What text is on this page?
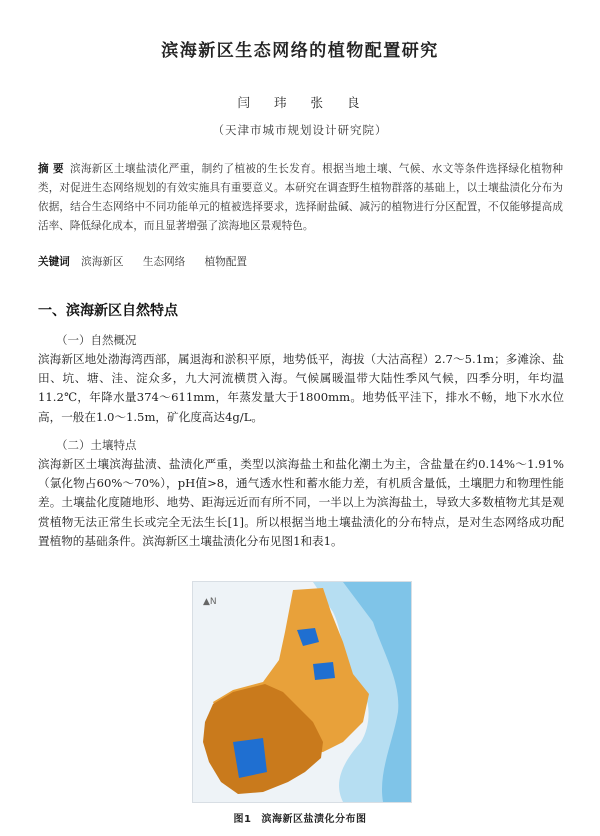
滨海新区生态网络的植物配置研究
闫 玮 张 良
（天津市城市规划设计研究院）
摘 要 滨海新区土壤盐渍化严重，制约了植被的生长发育。根据当地土壤、气候、水文等条件选择绿化植物种类，对促进生态网络规划的有效实施具有重要意义。本研究在调查野生植物群落的基础上，以土壤盐渍化分布为依据，结合生态网络中不同功能单元的植被选择要求，选择耐盐碱、减污的植物进行分区配置，不仅能够提高成活率、降低绿化成本，而且显著增强了滨海地区景观特色。
关键词 滨海新区 生态网络 植物配置
一、滨海新区自然特点
（一）自然概况
滨海新区地处渤海湾西部，属退海和淤积平原，地势低平，海拔（大沽高程）2.7～5.1m；多滩涂、盐田、坑、塘、洼、淀众多，九大河流横贯入海。气候属暖温带大陆性季风气候，四季分明，年均温11.2℃，年降水量374～611mm，年蒸发量大于1800mm。地势低平洼下，排水不畅，地下水水位高，一般在1.0～1.5m，矿化度高达4g/L。
（二）土壤特点
滨海新区土壤滨海盐渍、盐渍化严重，类型以滨海盐土和盐化潮土为主，含盐量在约0.14%～1.91%（氯化物占60%～70%），pH值>8，通气透水性和蓄水能力差，有机质含量低，土壤肥力和物理性能差。土壤盐化度随地形、地势、距海远近而有所不同，一半以上为滨海盐土，导致大多数植物尤其是观赏植物无法正常生长或完全无法生长[1]。所以根据当地土壤盐渍化的分布特点，是对生态网络成功配置植物的基础条件。滨海新区土壤盐渍化分布见图1和表1。
▲N
图1 滨海新区盐渍化分布图
